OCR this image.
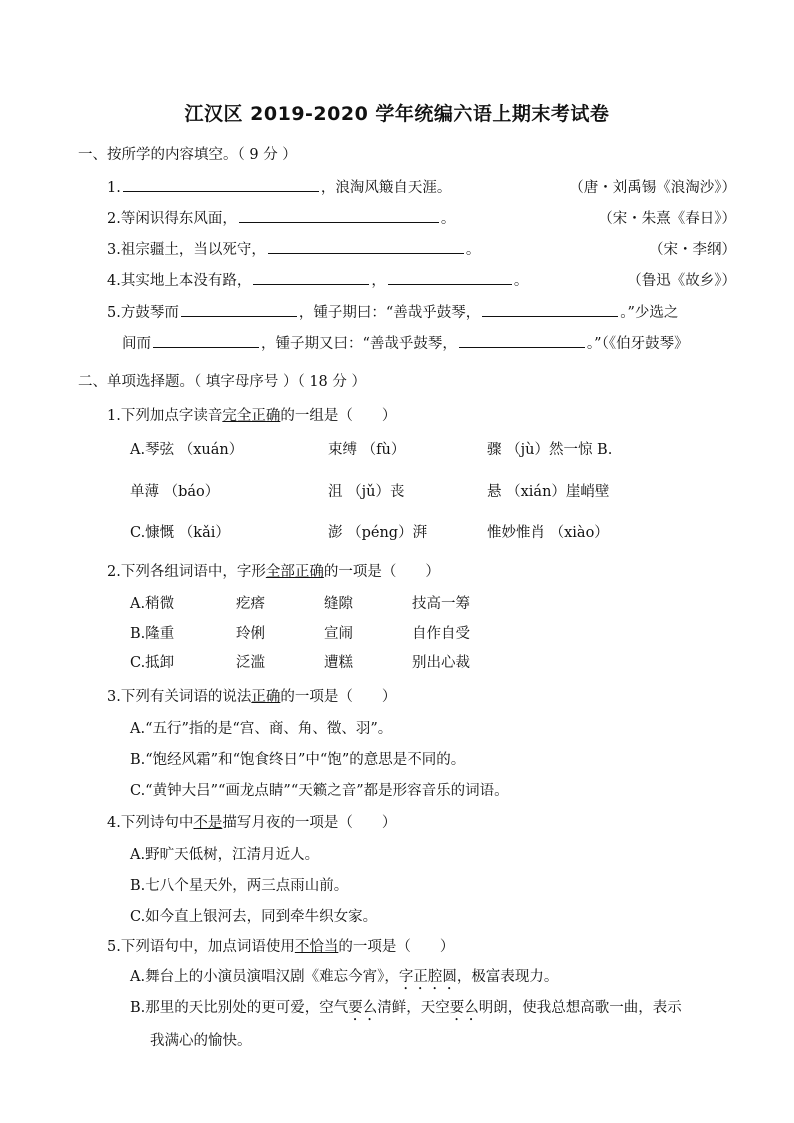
江汉区 2019-2020 学年统编六语上期末考试卷
一、按所学的内容填空。（ 9 分 ）
1.	，浪淘风簸自天涯。	（唐・刘禹锡《浪淘沙》）
2.等闲识得东风面，	。	（宋・朱熹《春日》）
3.祖宗疆土，当以死守，	。	（宋・李纲）
4.其实地上本没有路，	，	。	（鲁迅《故乡》）
5.方鼓琴而	，锺子期曰：“善哉乎鼓琴，	。”少选之
间而	，锺子期又曰：“善哉乎鼓琴，	。”（《伯牙鼓琴》
二、单项选择题。（ 填字母序号 ）（ 18 分 ）
1.下列加点字读音完全正确的一组是（　　）
A.琴弦 （xuán）	束缚 （fù）	骤 （jù）然一惊 B.
单薄 （báo）	沮 （jǔ）丧	悬 （xián）崖峭壁
C.慷慨 （kǎi）	澎 （péng）湃	惟妙惟肖 （xiào）
2.下列各组词语中，字形全部正确的一项是（　　）
A.稍微	疙瘩	缝隙	技高一筹
B.隆重	玲俐	宣闹	自作自受
C.抵卸	泛滥	遭糕	别出心裁
3.下列有关词语的说法正确的一项是（　　）
A.“五行”指的是“宫、商、角、徵、羽”。
B.“饱经风霜”和“饱食终日”中“饱”的意思是不同的。
C.“黄钟大吕”“画龙点睛”“天籁之音”都是形容音乐的词语。
4.下列诗句中不是描写月夜的一项是（　　）
A.野旷天低树，江清月近人。
B.七八个星天外，两三点雨山前。
C.如今直上银河去，同到牵牛织女家。
5.下列语句中，加点词语使用不恰当的一项是（　　）
A.舞台上的小演员演唱汉剧《难忘今宵》，字正腔圆，极富表现力。
B.那里的天比别处的更可爱，空气要么清鲜，天空要么明朗，使我总想高歌一曲，表示
我满心的愉快。
